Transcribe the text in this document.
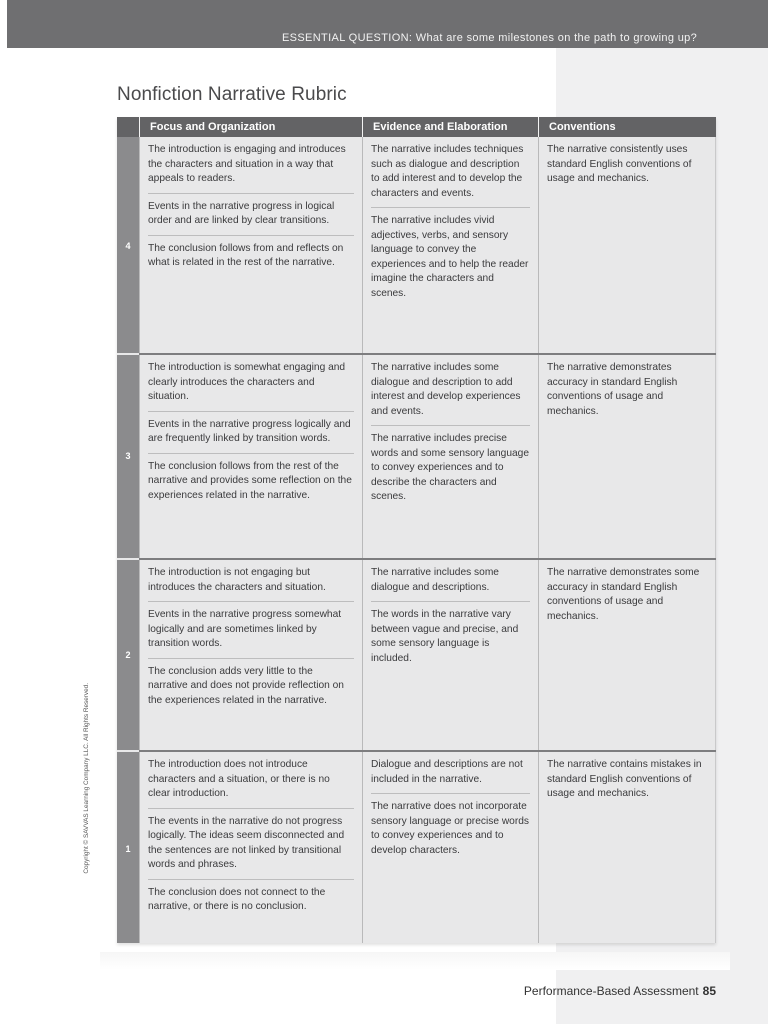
ESSENTIAL QUESTION: What are some milestones on the path to growing up?
Nonfiction Narrative Rubric
Focus and Organization	Evidence and Elaboration	Conventions
4

The introduction is engaging and introduces the characters and situation in a way that appeals to readers.

Events in the narrative progress in logical order and are linked by clear transitions.

The conclusion follows from and reflects on what is related in the rest of the narrative.

The narrative includes techniques such as dialogue and description to add interest and to develop the characters and events.

The narrative includes vivid adjectives, verbs, and sensory language to convey the experiences and to help the reader imagine the characters and scenes.

The narrative consistently uses standard English conventions of usage and mechanics.

3

The introduction is somewhat engaging and clearly introduces the characters and situation.

Events in the narrative progress logically and are frequently linked by transition words.

The conclusion follows from the rest of the narrative and provides some reflection on the experiences related in the narrative.

The narrative includes some dialogue and description to add interest and develop experiences and events.

The narrative includes precise words and some sensory language to convey experiences and to describe the characters and scenes.

The narrative demonstrates accuracy in standard English conventions of usage and mechanics.

2

The introduction is not engaging but introduces the characters and situation.

Events in the narrative progress somewhat logically and are sometimes linked by transition words.

The conclusion adds very little to the narrative and does not provide reflection on the experiences related in the narrative.

The narrative includes some dialogue and descriptions.

The words in the narrative vary between vague and precise, and some sensory language is included.

The narrative demonstrates some accuracy in standard English conventions of usage and mechanics.

1

The introduction does not introduce characters and a situation, or there is no clear introduction.

The events in the narrative do not progress logically. The ideas seem disconnected and the sentences are not linked by transitional words and phrases.

The conclusion does not connect to the narrative, or there is no conclusion.

Dialogue and descriptions are not included in the narrative.

The narrative does not incorporate sensory language or precise words to convey experiences and to develop characters.

The narrative contains mistakes in standard English conventions of usage and mechanics.

Copyright © SAVVAS Learning Company LLC. All Rights Reserved.
Performance-Based Assessment 85
